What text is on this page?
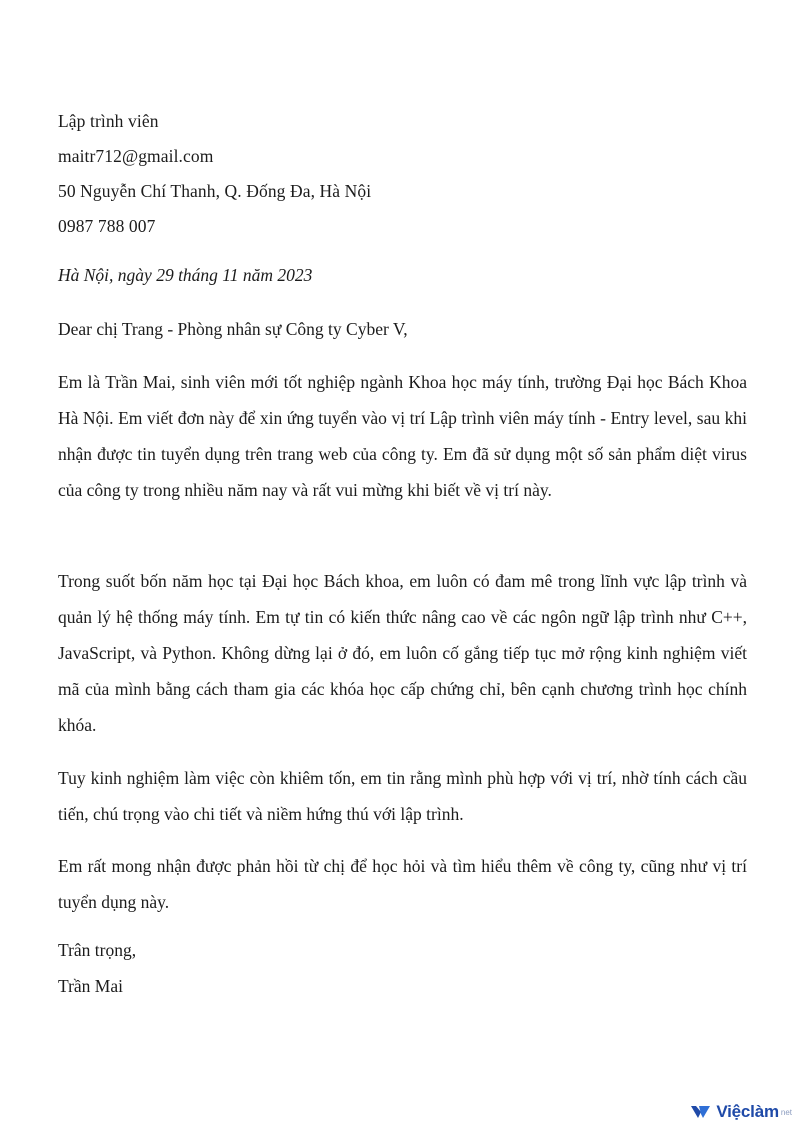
Lập trình viên
maitr712@gmail.com
50 Nguyễn Chí Thanh, Q. Đống Đa, Hà Nội
0987 788 007
Hà Nội, ngày 29 tháng 11 năm 2023
Dear chị Trang - Phòng nhân sự Công ty Cyber V,

Em là Trần Mai, sinh viên mới tốt nghiệp ngành Khoa học máy tính, trường Đại học Bách Khoa Hà Nội. Em viết đơn này để xin ứng tuyển vào vị trí Lập trình viên máy tính - Entry level, sau khi nhận được tin tuyển dụng trên trang web của công ty. Em đã sử dụng một số sản phẩm diệt virus của công ty trong nhiều năm nay và rất vui mừng khi biết về vị trí này.

Trong suốt bốn năm học tại Đại học Bách khoa, em luôn có đam mê trong lĩnh vực lập trình và quản lý hệ thống máy tính. Em tự tin có kiến thức nâng cao về các ngôn ngữ lập trình như C++, JavaScript, và Python. Không dừng lại ở đó, em luôn cố gắng tiếp tục mở rộng kinh nghiệm viết mã của mình bằng cách tham gia các khóa học cấp chứng chỉ, bên cạnh chương trình học chính khóa.

Tuy kinh nghiệm làm việc còn khiêm tốn, em tin rằng mình phù hợp với vị trí, nhờ tính cách cầu tiến, chú trọng vào chi tiết và niềm hứng thú với lập trình.

Em rất mong nhận được phản hồi từ chị để học hỏi và tìm hiểu thêm về công ty, cũng như vị trí tuyển dụng này.

Trân trọng,
Trần Mai
Việclàm net
